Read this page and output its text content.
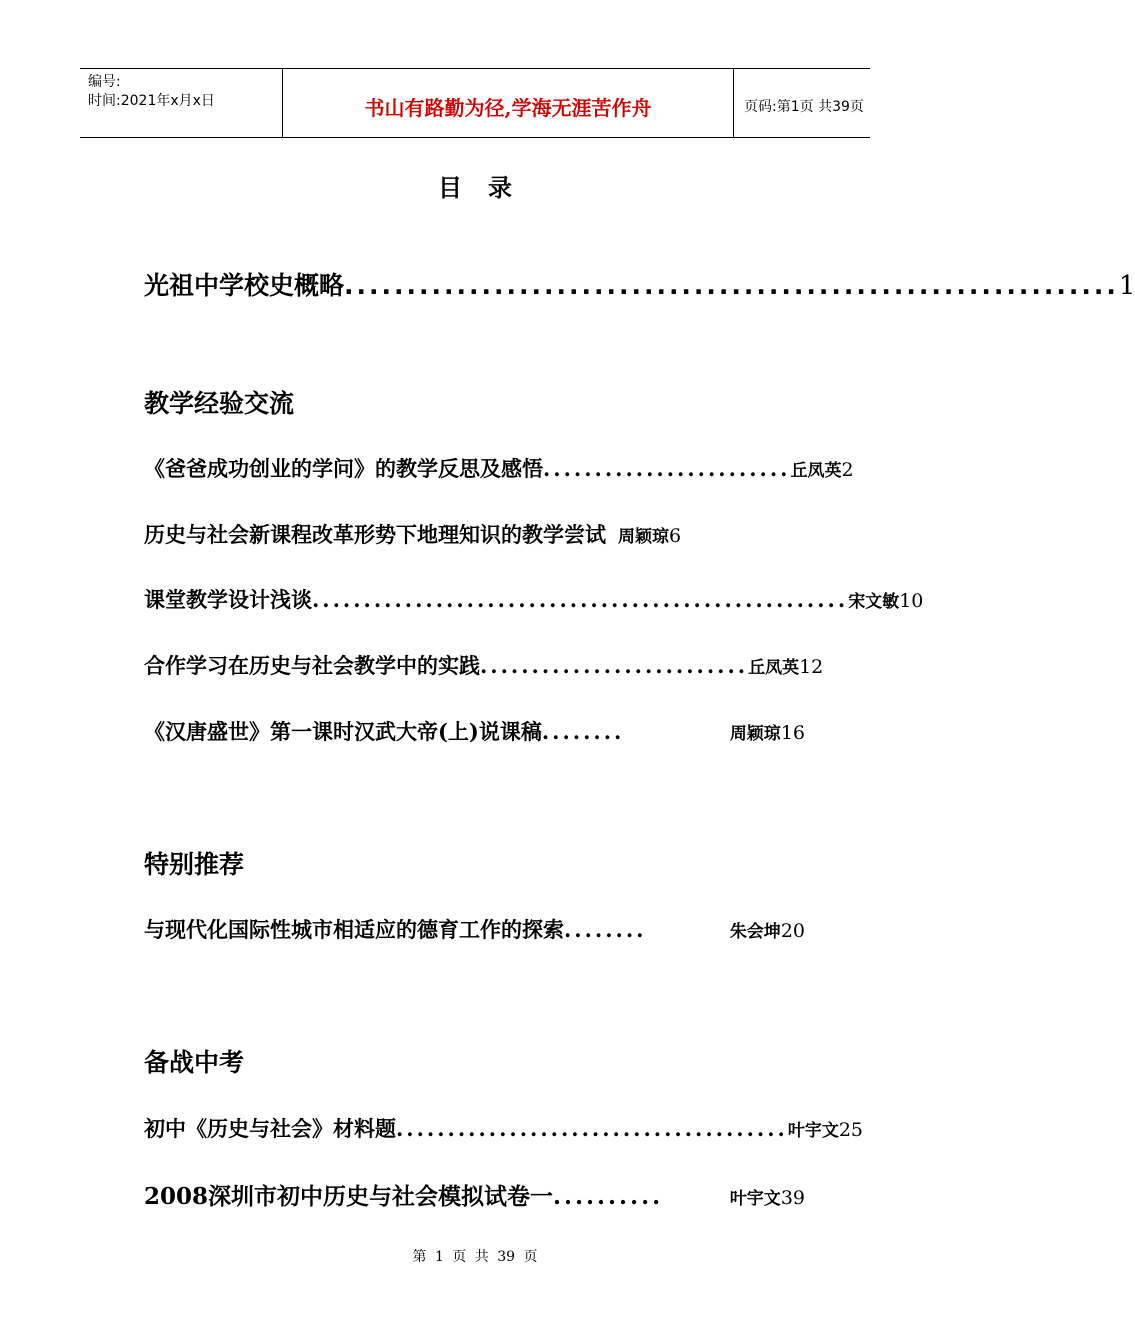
编号:
时间:2021年x月x日	书山有路勤为径,学海无涯苦作舟	页码:第1页 共39页
目录
光祖中学校史概略 .............................................................. 1
教学经验交流
《爸爸成功创业的学问》的教学反思及感悟 ........................ 丘凤英 2
历史与社会新课程改革形势下地理知识的教学尝试 周颖琼 6
课堂教学设计浅谈 .................................................... 宋文敏 10
合作学习在历史与社会教学中的实践 .......................... 丘凤英 12
《汉唐盛世》第一课时汉武大帝(上)说课稿 ........	周颖琼 16
特别推荐
与现代化国际性城市相适应的德育工作的探索 ........	朱会坤 20
备战中考
初中《历史与社会》材料题 ...................................... 叶宇文 25
2008深圳市初中历史与社会模拟试卷一 ..........	叶宇文 39
第 1 页 共 39 页
